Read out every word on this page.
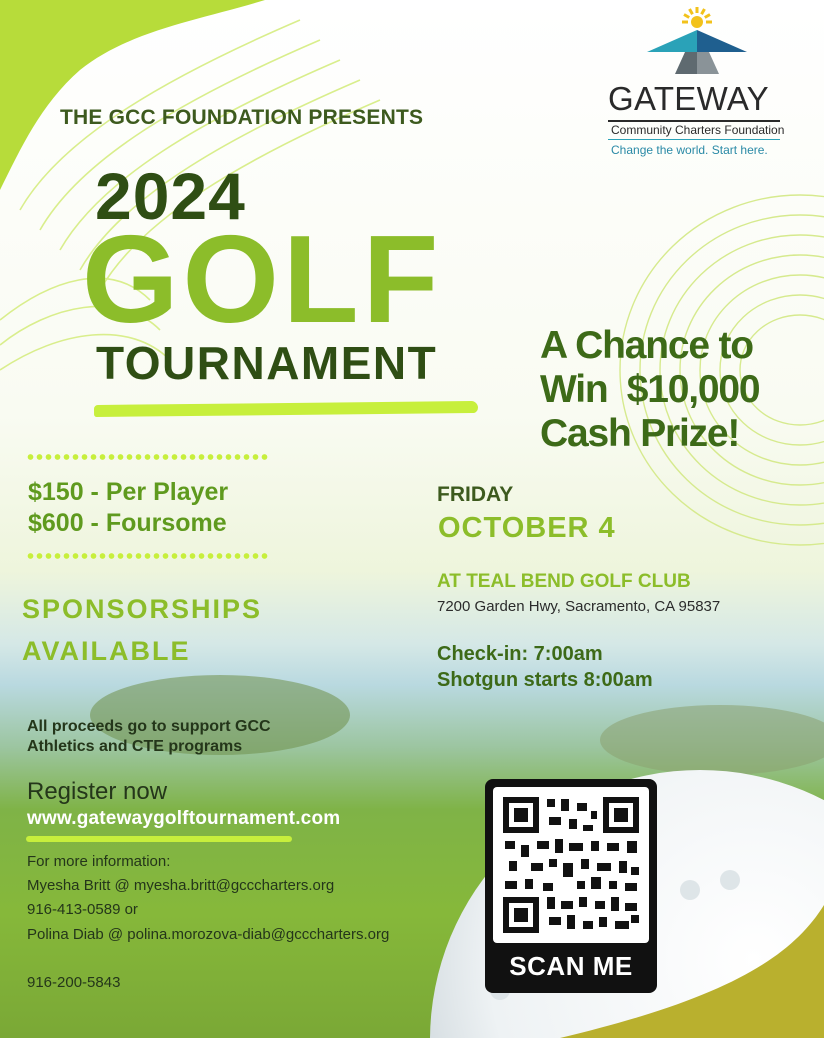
GATEWAY
Community Charters Foundation
Change the world. Start here.
THE GCC FOUNDATION PRESENTS
2024
GOLF
TOURNAMENT	A Chance to
Win  $10,000
Cash Prize!
$150 - Per Player
$600 - Foursome
SPONSORSHIPS
AVAILABLE
FRIDAY
OCTOBER 4
AT TEAL BEND GOLF CLUB
7200 Garden Hwy, Sacramento, CA 95837
Check-in: 7:00am
Shotgun starts 8:00am
All proceeds go to support GCC
Athletics and CTE programs
Register now
www.gatewaygolftournament.com
For more information:
Myesha Britt @ myesha.britt@gcccharters.org
916-413-0589 or
Polina Diab @ polina.morozova-diab@gcccharters.org
916-200-5843
SCAN ME
